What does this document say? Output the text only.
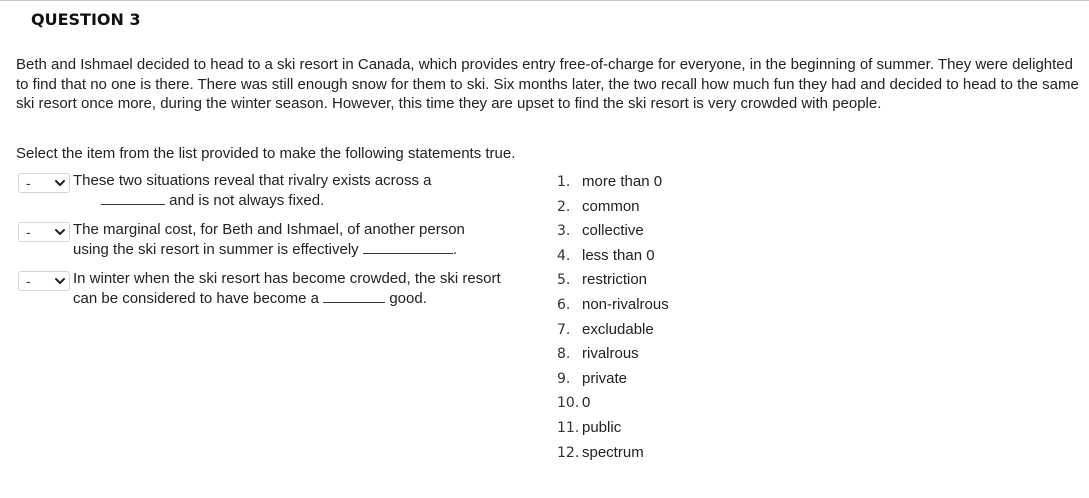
QUESTION 3
Beth and Ishmael decided to head to a ski resort in Canada, which provides entry free-of-charge for everyone, in the beginning of summer. They were delighted to find that no one is there. There was still enough snow for them to ski. Six months later, the two recall how much fun they had and decided to head to the same ski resort once more, during the winter season. However, this time they are upset to find the ski resort is very crowded with people.
Select the item from the list provided to make the following statements true.
-	These two situations reveal that rivalry exists across a
and is not always fixed.
-	The marginal cost, for Beth and Ishmael, of another person
using the ski resort in summer is effectively	.
-	In winter when the ski resort has become crowded, the ski resort
can be considered to have become a	good.
1. more than 0
2. common
3. collective
4. less than 0
5. restriction
6. non-rivalrous
7. excludable
8. rivalrous
9. private
10. 0
11. public
12. spectrum
